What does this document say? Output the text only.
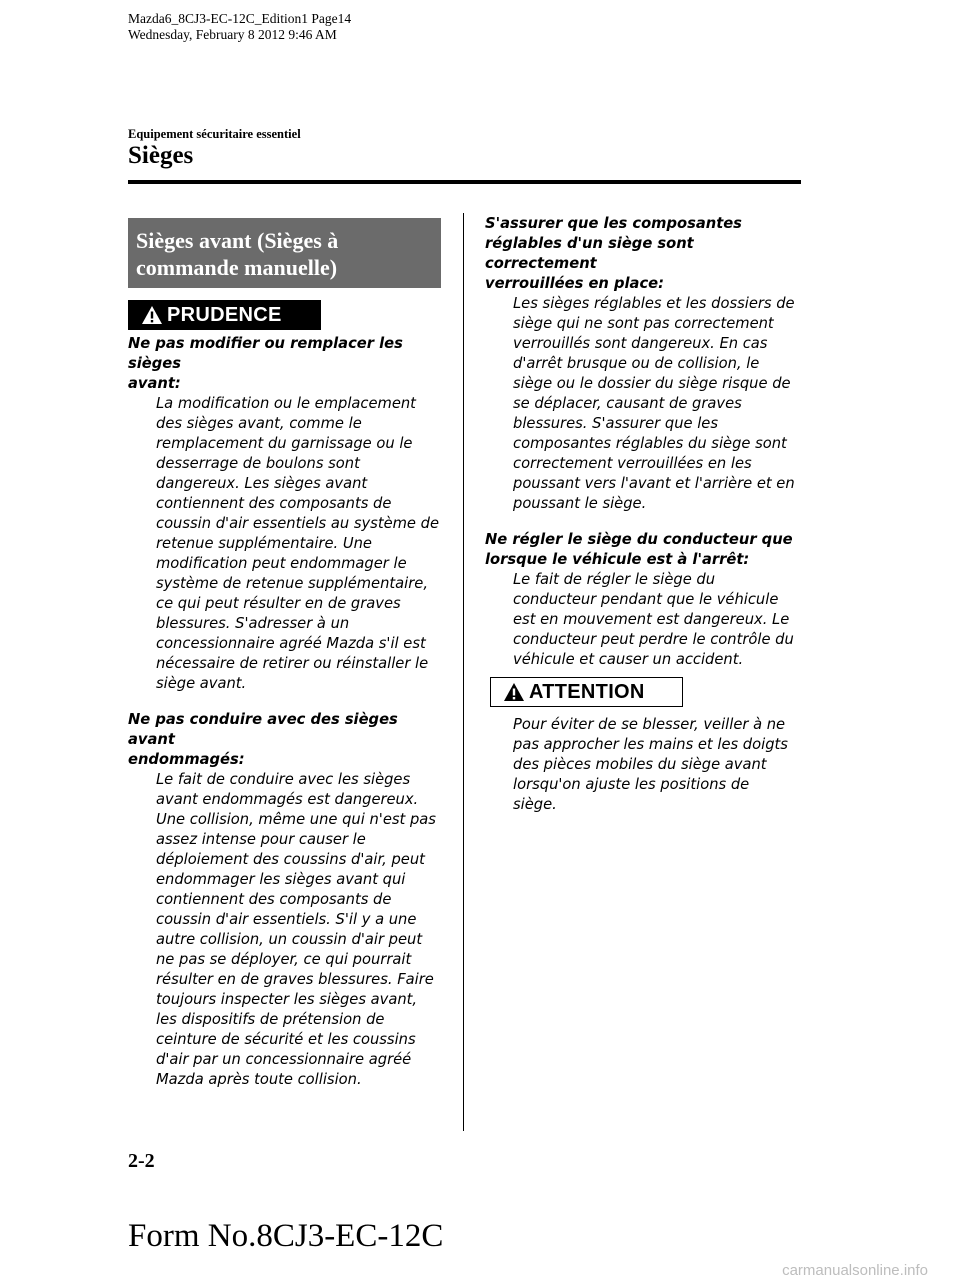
Mazda6_8CJ3-EC-12C_Edition1 Page14
Wednesday, February 8 2012 9:46 AM
Equipement sécuritaire essentiel
Sièges
Sièges avant (Sièges à
commande manuelle)
PRUDENCE

Ne pas modifier ou remplacer les sièges
avant:

La modification ou le emplacement
des sièges avant, comme le
remplacement du garnissage ou le
desserrage de boulons sont
dangereux. Les sièges avant
contiennent des composants de
coussin d'air essentiels au système de
retenue supplémentaire. Une
modification peut endommager le
système de retenue supplémentaire,
ce qui peut résulter en de graves
blessures. S'adresser à un
concessionnaire agréé Mazda s'il est
nécessaire de retirer ou réinstaller le
siège avant.

Ne pas conduire avec des sièges avant
endommagés:

Le fait de conduire avec les sièges
avant endommagés est dangereux.
Une collision, même une qui n'est pas
assez intense pour causer le
déploiement des coussins d'air, peut
endommager les sièges avant qui
contiennent des composants de
coussin d'air essentiels. S'il y a une
autre collision, un coussin d'air peut
ne pas se déployer, ce qui pourrait
résulter en de graves blessures. Faire
toujours inspecter les sièges avant,
les dispositifs de prétension de
ceinture de sécurité et les coussins
d'air par un concessionnaire agréé
Mazda après toute collision.

S'assurer que les composantes
réglables d'un siège sont correctement
verrouillées en place:

Les sièges réglables et les dossiers de
siège qui ne sont pas correctement
verrouillés sont dangereux. En cas
d'arrêt brusque ou de collision, le
siège ou le dossier du siège risque de
se déplacer, causant de graves
blessures. S'assurer que les
composantes réglables du siège sont
correctement verrouillées en les
poussant vers l'avant et l'arrière et en
poussant le siège.

Ne régler le siège du conducteur que
lorsque le véhicule est à l'arrêt:

Le fait de régler le siège du
conducteur pendant que le véhicule
est en mouvement est dangereux. Le
conducteur peut perdre le contrôle du
véhicule et causer un accident.

ATTENTION

Pour éviter de se blesser, veiller à ne
pas approcher les mains et les doigts
des pièces mobiles du siège avant
lorsqu'on ajuste les positions de
siège.

2-2
Form No.8CJ3-EC-12C
carmanualsonline.info
